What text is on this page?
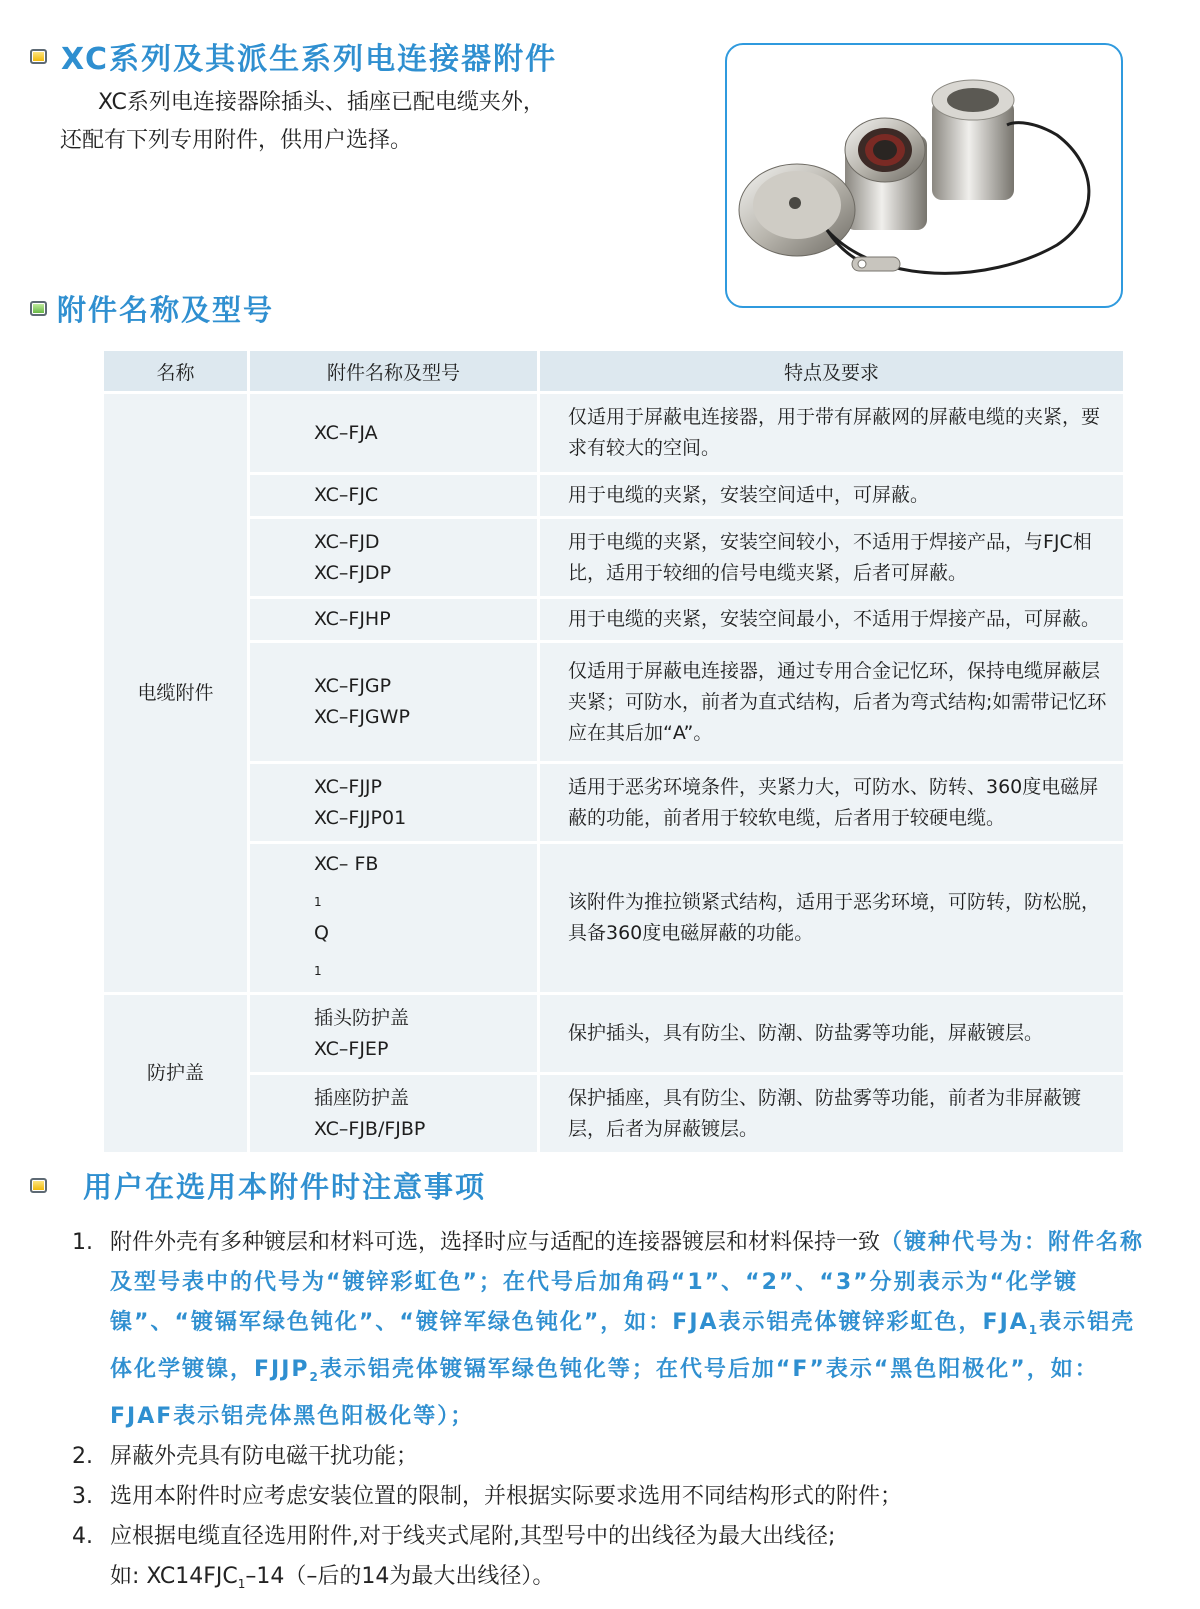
XC系列及其派生系列电连接器附件
XC系列电连接器除插头、插座已配电缆夹外，
还配有下列专用附件，供用户选择。
附件名称及型号
名称	附件名称及型号	特点及要求
电缆附件	XC–FJA	仅适用于屏蔽电连接器，用于带有屏蔽网的屏蔽电缆的夹紧，要求有较大的空间。

	XC–FJC	用于电缆的夹紧，安装空间适中，可屏蔽。

	XC–FJD
XC–FJDP	用于电缆的夹紧，安装空间较小，不适用于焊接产品，与FJC相比，适用于较细的信号电缆夹紧，后者可屏蔽。

	XC–FJHP	用于电缆的夹紧，安装空间最小，不适用于焊接产品，可屏蔽。

	XC–FJGP
XC–FJGWP	仅适用于屏蔽电连接器，通过专用合金记忆环，保持电缆屏蔽层夹紧；可防水，前者为直式结构，后者为弯式结构;如需带记忆环应在其后加“A”。

	XC–FJJP
XC–FJJP01	适用于恶劣环境条件，夹紧力大，可防水、防转、360度电磁屏蔽的功能，前者用于较软电缆，后者用于较硬电缆。

	XC– FB
$_1$
Q
$_1$	该附件为推拉锁紧式结构，适用于恶劣环境，可防转，防松脱，具备360度电磁屏蔽的功能。
防护盖	插头防护盖
XC–FJEP	保护插头，具有防尘、防潮、防盐雾等功能，屏蔽镀层。

	插座防护盖
XC–FJB/FJBP	保护插座，具有防尘、防潮、防盐雾等功能，前者为非屏蔽镀层，后者为屏蔽镀层。
用户在选用本附件时注意事项
1. 附件外壳有多种镀层和材料可选，选择时应与适配的连接器镀层和材料保持一致（镀种代号为：附件名称及型号表中的代号为“镀锌彩虹色”；在代号后加角码“1”、“2”、“3”分别表示为“化学镀镍”、“镀镉军绿色钝化”、“镀锌军绿色钝化”，如：FJA表示铝壳体镀锌彩虹色，$FJA_1$表示铝壳体化学镀镍，$FJJP_2$表示铝壳体镀镉军绿色钝化等；在代号后加“F”表示“黑色阳极化”，如：FJAF表示铝壳体黑色阳极化等）；
2. 屏蔽外壳具有防电磁干扰功能；
3. 选用本附件时应考虑安装位置的限制，并根据实际要求选用不同结构形式的附件；
4. 应根据电缆直径选用附件,对于线夹式尾附,其型号中的出线径为最大出线径;
如: $XC14FJC_1-14(-$后的14为最大出线径）。
